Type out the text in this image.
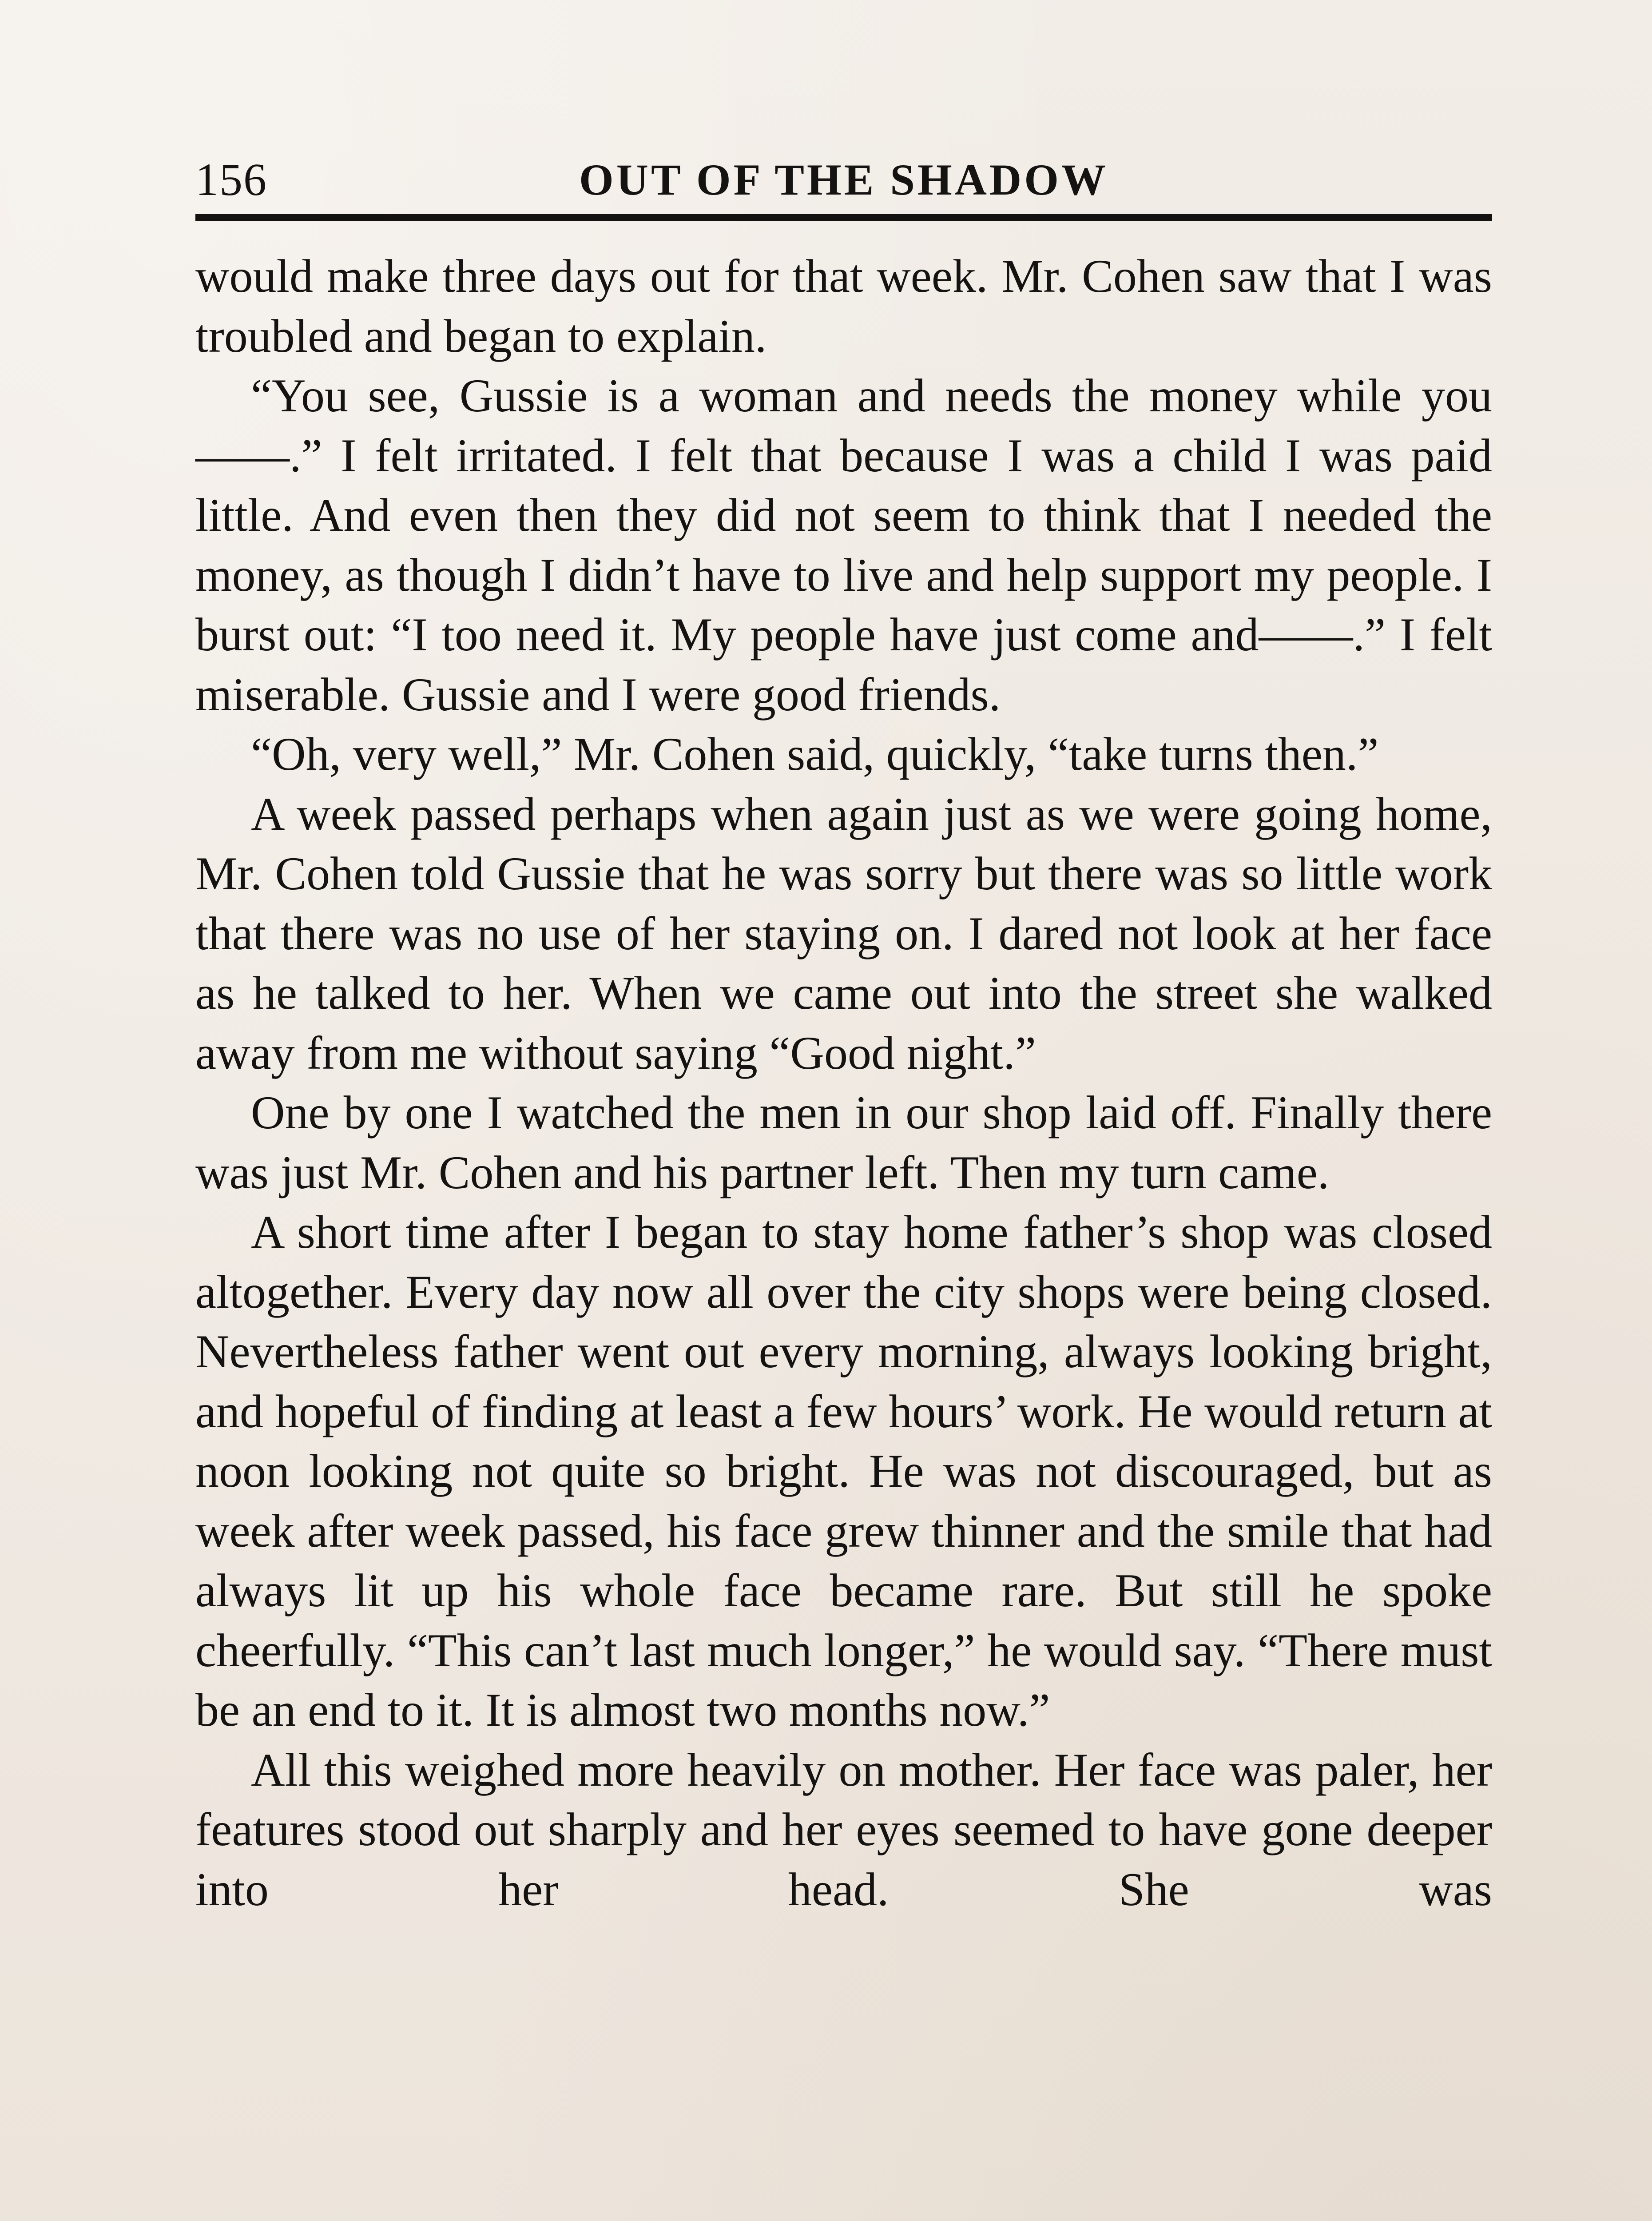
156	OUT OF THE SHADOW

would make three days out for that week. Mr. Cohen saw that I was troubled and began to explain.

“You see, Gussie is a woman and needs the money while you——.” I felt irritated. I felt that because I was a child I was paid little. And even then they did not seem to think that I needed the money, as though I didn’t have to live and help support my people. I burst out: “I too need it. My people have just come and——.” I felt miserable. Gussie and I were good friends.

“Oh, very well,” Mr. Cohen said, quickly, “take turns then.”

A week passed perhaps when again just as we were going home, Mr. Cohen told Gussie that he was sorry but there was so little work that there was no use of her staying on. I dared not look at her face as he talked to her. When we came out into the street she walked away from me without saying “Good night.”

One by one I watched the men in our shop laid off. Finally there was just Mr. Cohen and his partner left. Then my turn came.

A short time after I began to stay home father’s shop was closed altogether. Every day now all over the city shops were being closed. Nevertheless father went out every morning, always looking bright, and hopeful of finding at least a few hours’ work. He would return at noon looking not quite so bright. He was not discouraged, but as week after week passed, his face grew thinner and the smile that had always lit up his whole face became rare. But still he spoke cheerfully. “This can’t last much longer,” he would say. “There must be an end to it. It is almost two months now.”

All this weighed more heavily on mother. Her face was paler, her features stood out sharply and her eyes seemed to have gone deeper into her head. She was
